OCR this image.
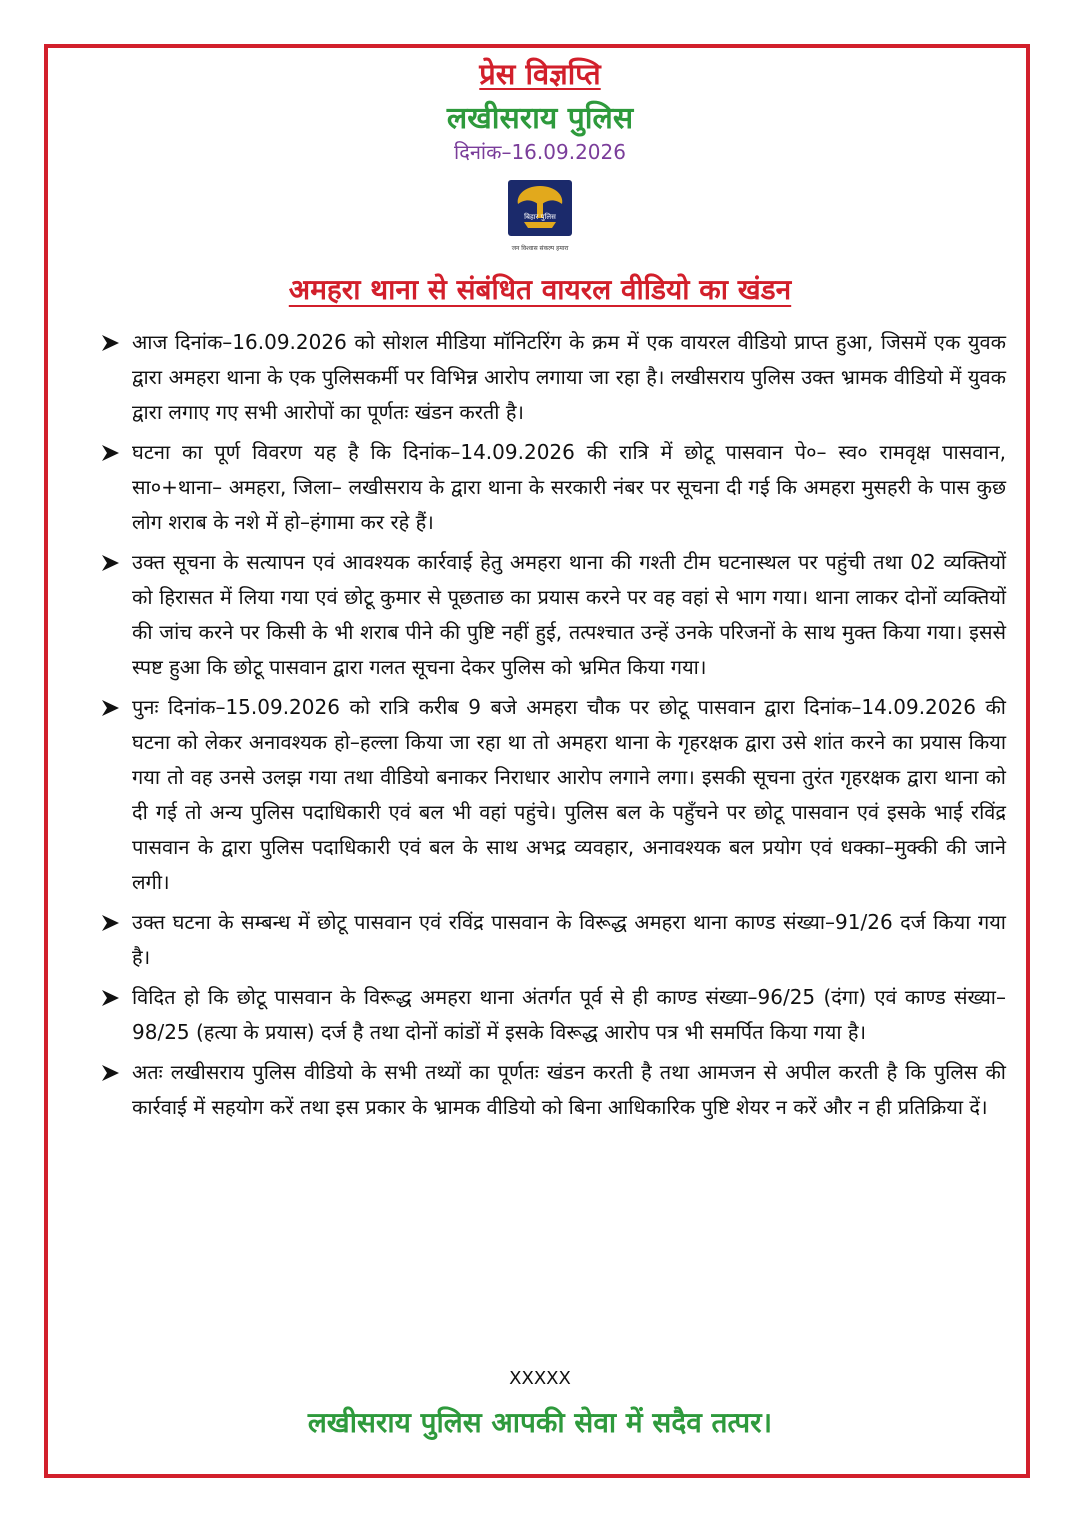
प्रेस विज्ञप्ति
लखीसराय पुलिस
दिनांक–16.09.2026
बिहार पुलिस
जन विश्वास संकल्प हमारा
अमहरा थाना से संबंधित वायरल वीडियो का खंडन

आज दिनांक–16.09.2026 को सोशल मीडिया मॉनिटरिंग के क्रम में एक वायरल वीडियो प्राप्त हुआ, जिसमें एक युवक द्वारा अमहरा थाना के एक पुलिसकर्मी पर विभिन्न आरोप लगाया जा रहा है। लखीसराय पुलिस उक्त भ्रामक वीडियो में युवक द्वारा लगाए गए सभी आरोपों का पूर्णतः खंडन करती है।

घटना का पूर्ण विवरण यह है कि दिनांक–14.09.2026 की रात्रि में छोटू पासवान पे०– स्व० रामवृक्ष पासवान, सा०+थाना– अमहरा, जिला– लखीसराय के द्वारा थाना के सरकारी नंबर पर सूचना दी गई कि अमहरा मुसहरी के पास कुछ लोग शराब के नशे में हो–हंगामा कर रहे हैं।

उक्त सूचना के सत्यापन एवं आवश्यक कार्रवाई हेतु अमहरा थाना की गश्ती टीम घटनास्थल पर पहुंची तथा 02 व्यक्तियों को हिरासत में लिया गया एवं छोटू कुमार से पूछताछ का प्रयास करने पर वह वहां से भाग गया। थाना लाकर दोनों व्यक्तियों की जांच करने पर किसी के भी शराब पीने की पुष्टि नहीं हुई, तत्पश्चात उन्हें उनके परिजनों के साथ मुक्त किया गया। इससे स्पष्ट हुआ कि छोटू पासवान द्वारा गलत सूचना देकर पुलिस को भ्रमित किया गया।

पुनः दिनांक–15.09.2026 को रात्रि करीब 9 बजे अमहरा चौक पर छोटू पासवान द्वारा दिनांक–14.09.2026 की घटना को लेकर अनावश्यक हो–हल्ला किया जा रहा था तो अमहरा थाना के गृहरक्षक द्वारा उसे शांत करने का प्रयास किया गया तो वह उनसे उलझ गया तथा वीडियो बनाकर निराधार आरोप लगाने लगा। इसकी सूचना तुरंत गृहरक्षक द्वारा थाना को दी गई तो अन्य पुलिस पदाधिकारी एवं बल भी वहां पहुंचे। पुलिस बल के पहुँचने पर छोटू पासवान एवं इसके भाई रविंद्र पासवान के द्वारा पुलिस पदाधिकारी एवं बल के साथ अभद्र व्यवहार, अनावश्यक बल प्रयोग एवं धक्का–मुक्की की जाने लगी।

उक्त घटना के सम्बन्ध में छोटू पासवान एवं रविंद्र पासवान के विरूद्ध अमहरा थाना काण्ड संख्या–91/26 दर्ज किया गया है।

विदित हो कि छोटू पासवान के विरूद्ध अमहरा थाना अंतर्गत पूर्व से ही काण्ड संख्या–96/25 (दंगा) एवं काण्ड संख्या–98/25 (हत्या के प्रयास) दर्ज है तथा दोनों कांडों में इसके विरूद्ध आरोप पत्र भी समर्पित किया गया है।

अतः लखीसराय पुलिस वीडियो के सभी तथ्यों का पूर्णतः खंडन करती है तथा आमजन से अपील करती है कि पुलिस की कार्रवाई में सहयोग करें तथा इस प्रकार के भ्रामक वीडियो को बिना आधिकारिक पुष्टि शेयर न करें और न ही प्रतिक्रिया दें।

XXXXX
लखीसराय पुलिस आपकी सेवा में सदैव तत्पर।
